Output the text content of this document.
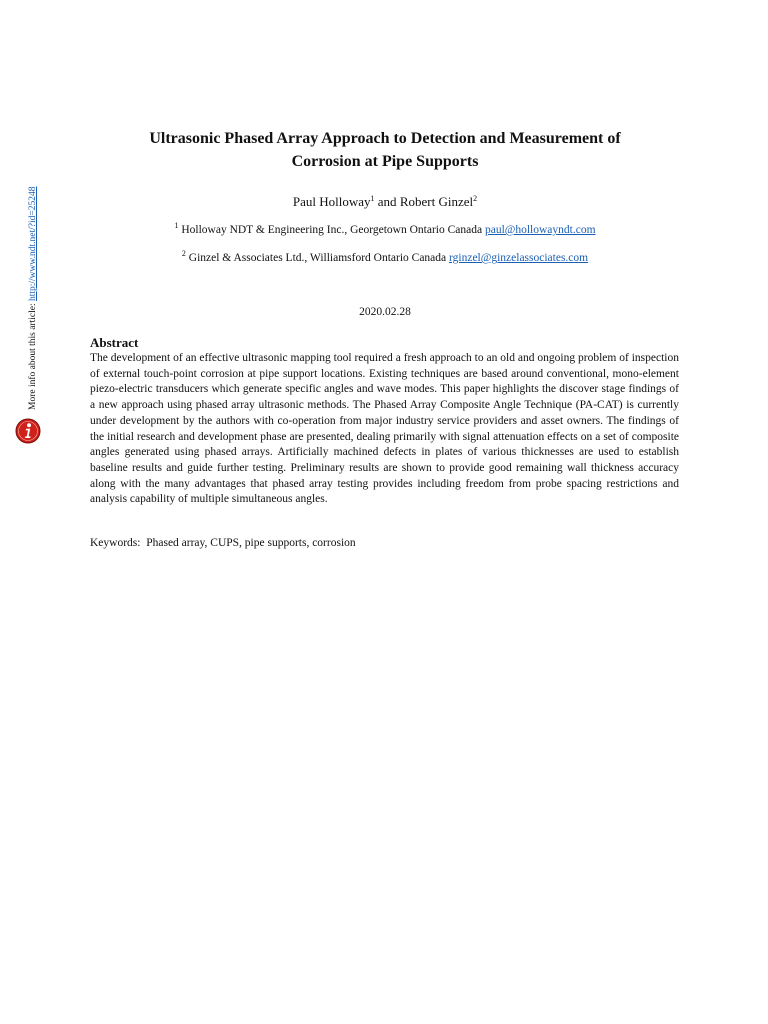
More info about this article: http://www.ndt.net/?id=25248
Ultrasonic Phased Array Approach to Detection and Measurement of
Corrosion at Pipe Supports
Paul Holloway$^1$ and Robert Ginzel$^2$
$^1$ Holloway NDT & Engineering Inc., Georgetown Ontario Canada paul@hollowayndt.com
$^2$ Ginzel & Associates Ltd., Williamsford Ontario Canada rginzel@ginzelassociates.com
2020.02.28
Abstract

The development of an effective ultrasonic mapping tool required a fresh approach to an old and ongoing problem of inspection of external touch-point corrosion at pipe support locations. Existing techniques are based around conventional, mono-element piezo-electric transducers which generate specific angles and wave modes. This paper highlights the discover stage findings of a new approach using phased array ultrasonic methods. The Phased Array Composite Angle Technique (PA-CAT) is currently under development by the authors with co-operation from major industry service providers and asset owners. The findings of the initial research and development phase are presented, dealing primarily with signal attenuation effects on a set of composite angles generated using phased arrays. Artificially machined defects in plates of various thicknesses are used to establish baseline results and guide further testing. Preliminary results are shown to provide good remaining wall thickness accuracy along with the many advantages that phased array testing provides including freedom from probe spacing restrictions and analysis capability of multiple simultaneous angles.

Keywords:  Phased array, CUPS, pipe supports, corrosion
